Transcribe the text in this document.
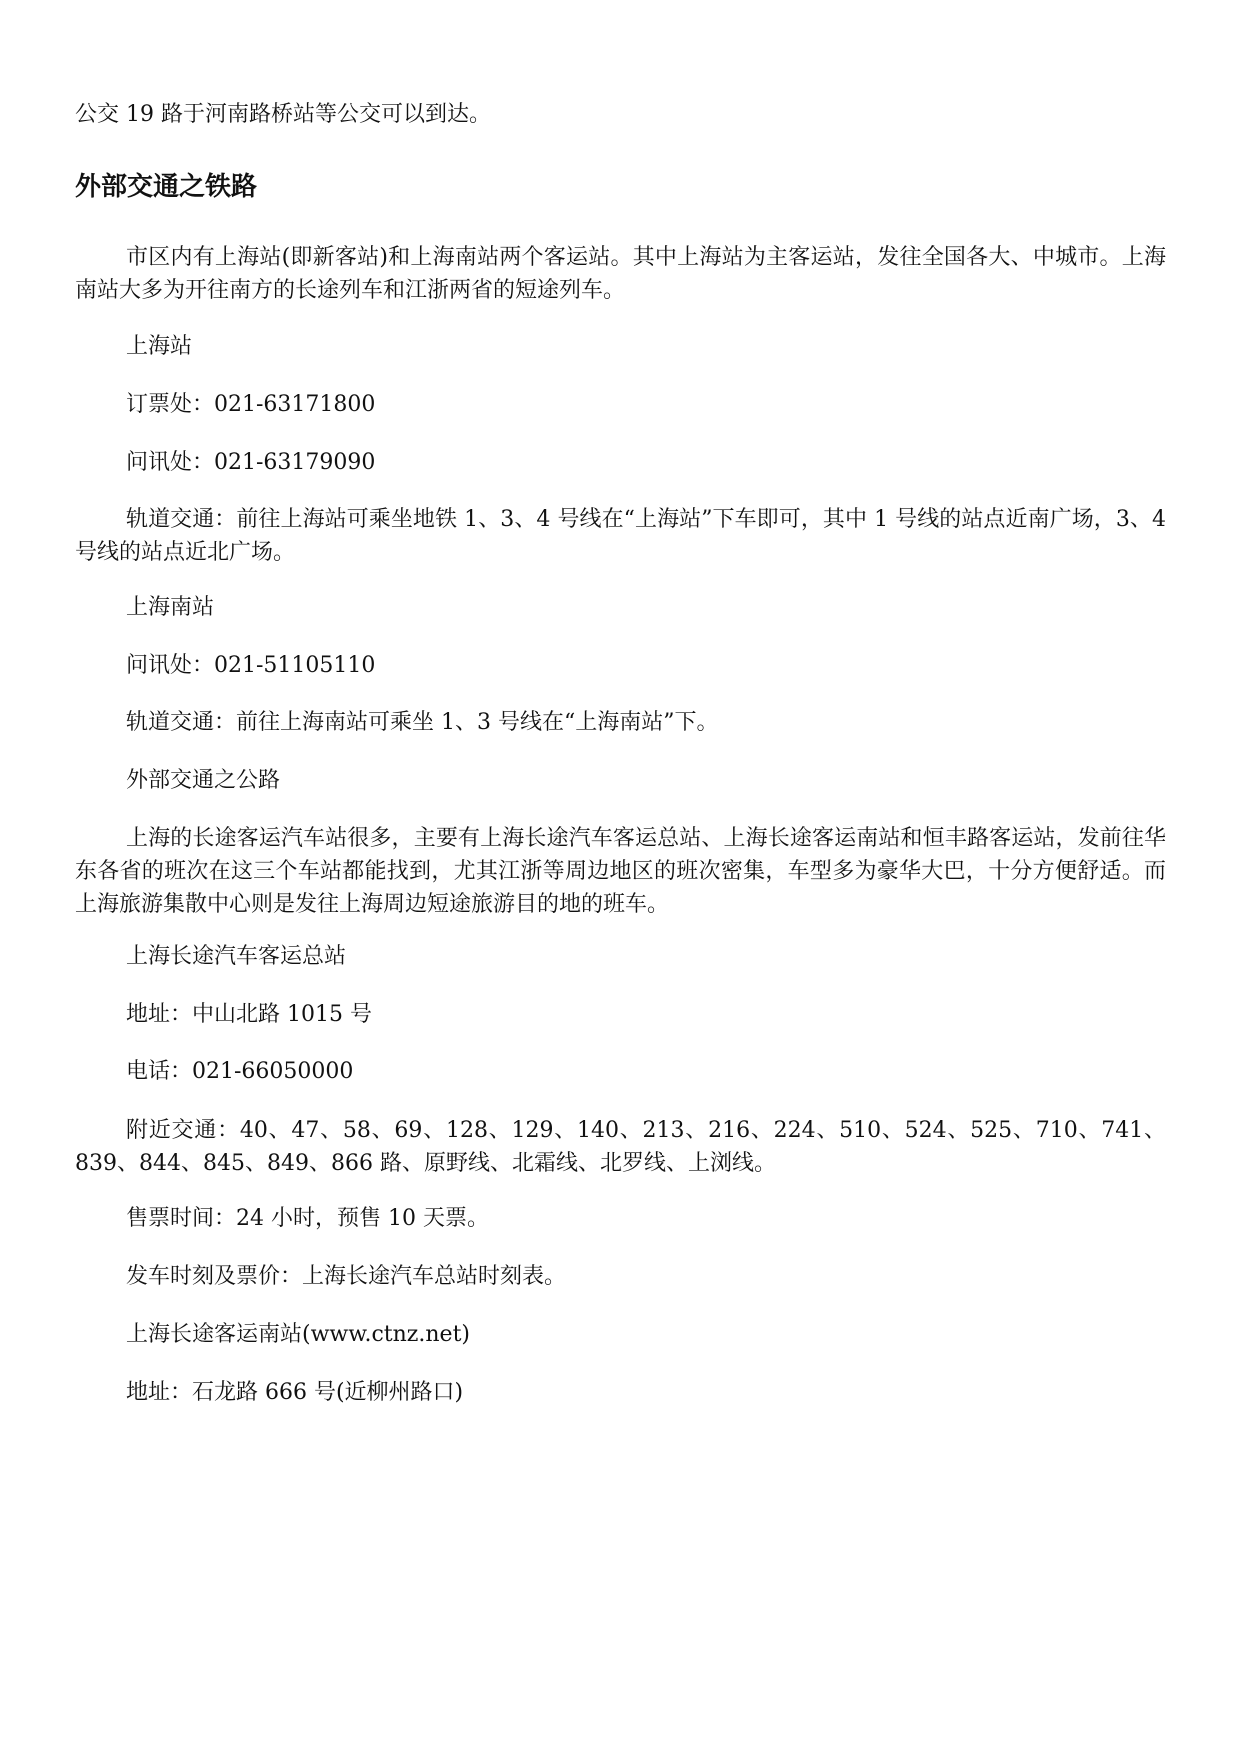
公交 19 路于河南路桥站等公交可以到达。

外部交通之铁路

市区内有上海站(即新客站)和上海南站两个客运站。其中上海站为主客运站，发往全国各大、中城市。上海南站大多为开往南方的长途列车和江浙两省的短途列车。

上海站

订票处：021-63171800

问讯处：021-63179090

轨道交通：前往上海站可乘坐地铁 1、3、4 号线在“上海站”下车即可，其中 1 号线的站点近南广场，3、4 号线的站点近北广场。

上海南站

问讯处：021-51105110

轨道交通：前往上海南站可乘坐 1、3 号线在“上海南站”下。

外部交通之公路

上海的长途客运汽车站很多，主要有上海长途汽车客运总站、上海长途客运南站和恒丰路客运站，发前往华东各省的班次在这三个车站都能找到，尤其江浙等周边地区的班次密集，车型多为豪华大巴，十分方便舒适。而上海旅游集散中心则是发往上海周边短途旅游目的地的班车。

上海长途汽车客运总站

地址：中山北路 1015 号

电话：021-66050000

附近交通：40、47、58、69、128、129、140、213、216、224、510、524、525、710、741、839、844、845、849、866 路、原野线、北霜线、北罗线、上浏线。

售票时间：24 小时，预售 10 天票。

发车时刻及票价：上海长途汽车总站时刻表。

上海长途客运南站(www.ctnz.net)

地址：石龙路 666 号(近柳州路口)
